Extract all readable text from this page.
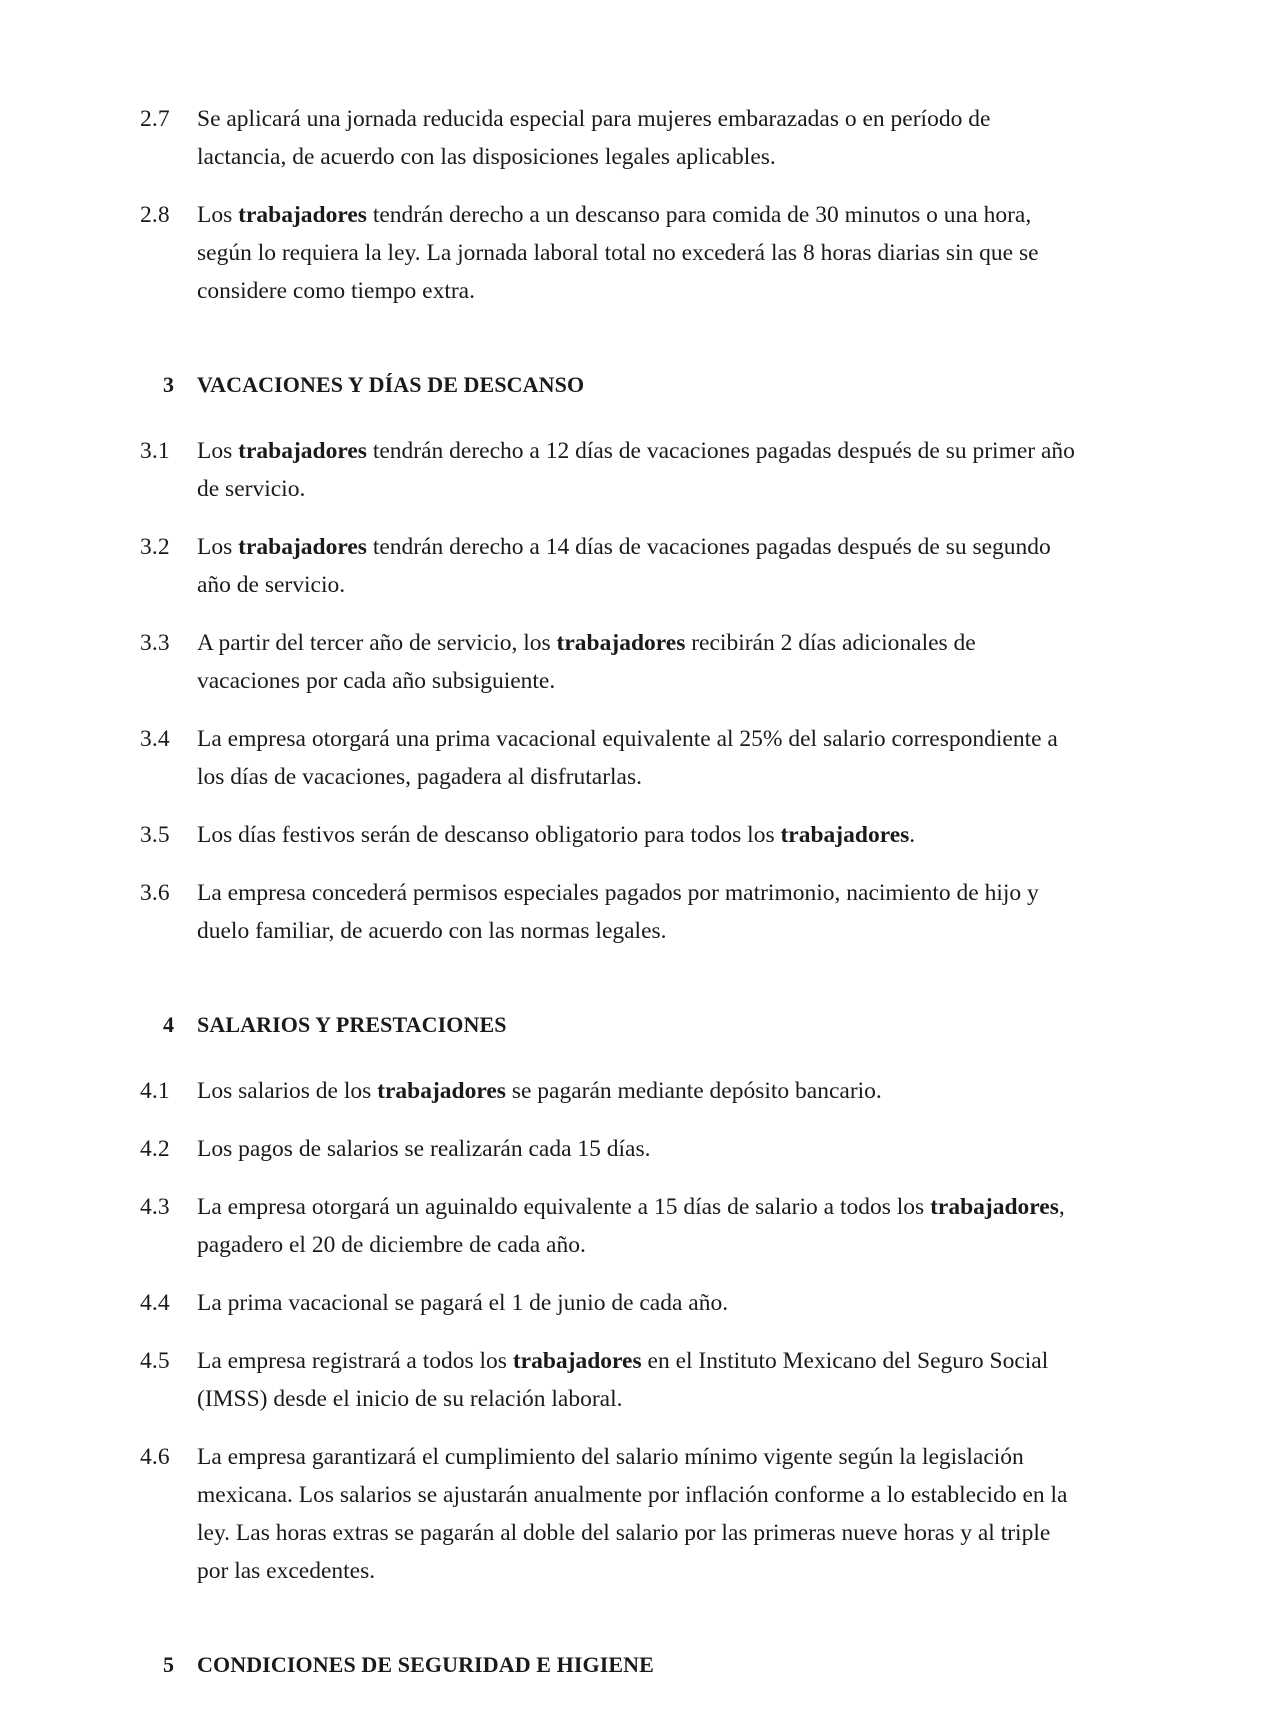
2.7	Se aplicará una jornada reducida especial para mujeres embarazadas o en período de lactancia, de acuerdo con las disposiciones legales aplicables.
2.8	Los trabajadores tendrán derecho a un descanso para comida de 30 minutos o una hora, según lo requiera la ley. La jornada laboral total no excederá las 8 horas diarias sin que se considere como tiempo extra.
3	VACACIONES Y DÍAS DE DESCANSO
3.1	Los trabajadores tendrán derecho a 12 días de vacaciones pagadas después de su primer año de servicio.
3.2	Los trabajadores tendrán derecho a 14 días de vacaciones pagadas después de su segundo año de servicio.
3.3	A partir del tercer año de servicio, los trabajadores recibirán 2 días adicionales de vacaciones por cada año subsiguiente.
3.4	La empresa otorgará una prima vacacional equivalente al 25% del salario correspondiente a los días de vacaciones, pagadera al disfrutarlas.
3.5	Los días festivos serán de descanso obligatorio para todos los trabajadores.
3.6	La empresa concederá permisos especiales pagados por matrimonio, nacimiento de hijo y duelo familiar, de acuerdo con las normas legales.
4	SALARIOS Y PRESTACIONES
4.1	Los salarios de los trabajadores se pagarán mediante depósito bancario.
4.2	Los pagos de salarios se realizarán cada 15 días.
4.3	La empresa otorgará un aguinaldo equivalente a 15 días de salario a todos los trabajadores, pagadero el 20 de diciembre de cada año.
4.4	La prima vacacional se pagará el 1 de junio de cada año.
4.5	La empresa registrará a todos los trabajadores en el Instituto Mexicano del Seguro Social (IMSS) desde el inicio de su relación laboral.
4.6	La empresa garantizará el cumplimiento del salario mínimo vigente según la legislación mexicana. Los salarios se ajustarán anualmente por inflación conforme a lo establecido en la ley. Las horas extras se pagarán al doble del salario por las primeras nueve horas y al triple por las excedentes.
5	CONDICIONES DE SEGURIDAD E HIGIENE
